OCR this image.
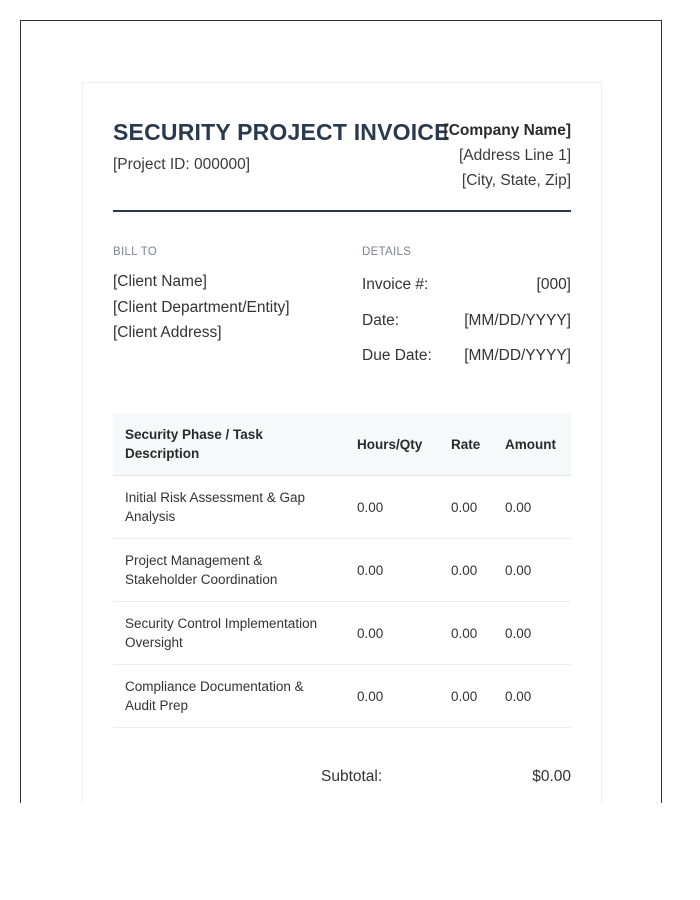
SECURITY PROJECT INVOICE
[Project ID: 000000]
[Company Name]
[Address Line 1]
[City, State, Zip]
BILL TO	DETAILS
[Client Name]
[Client Department/Entity]
[Client Address]
Invoice #:	[000]
Date:	[MM/DD/YYYY]
Due Date: [MM/DD/YYYY]
Security Phase / Task Description	Hours/Qty	Rate	Amount
Initial Risk Assessment & Gap Analysis	0.00	0.00	0.00
Project Management & Stakeholder Coordination	0.00	0.00	0.00
Security Control Implementation Oversight	0.00	0.00	0.00
Compliance Documentation & Audit Prep	0.00	0.00	0.00
Subtotal:	$0.00
